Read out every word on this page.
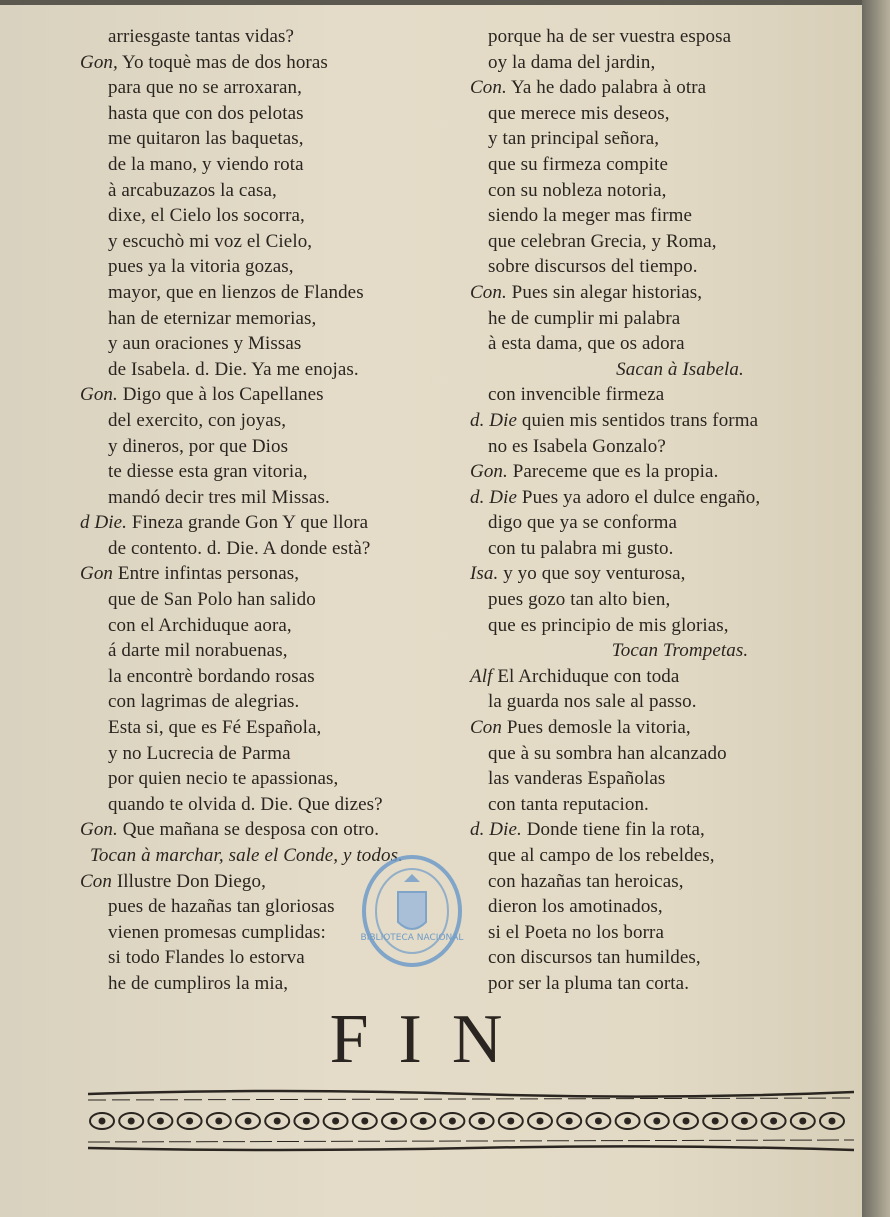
arriesgaste tantas vidas?
Gon, Yo toquè mas de dos horas
para que no se arroxaran,
hasta que con dos pelotas
me quitaron las baquetas,
de la mano, y viendo rota
à arcabuzazos la casa,
dixe, el Cielo los socorra,
y escuchò mi voz el Cielo,
pues ya la vitoria gozas,
mayor, que en lienzos de Flandes
han de eternizar memorias,
y aun oraciones y Missas
de Isabela. d. Die. Ya me enojas.
Gon. Digo que à los Capellanes
del exercito, con joyas,
y dineros, por que Dios
te diesse esta gran vitoria,
mandó decir tres mil Missas.
d Die. Fineza grande Gon Y que llora
de contento. d. Die. A donde està?
Gon Entre infintas personas,
que de San Polo han salido
con el Archiduque aora,
á darte mil norabuenas,
la encontrè bordando rosas
con lagrimas de alegrias.
Esta si, que es Fé Española,
y no Lucrecia de Parma
por quien necio te apassionas,
quando te olvida d. Die. Que dizes?
Gon. Que mañana se desposa con otro.
Tocan à marchar, sale el Conde, y todos.
Con Illustre Don Diego,
pues de hazañas tan gloriosas
vienen promesas cumplidas:
si todo Flandes lo estorva
he de cumpliros la mia,
porque ha de ser vuestra esposa
oy la dama del jardin,
Con. Ya he dado palabra à otra
que merece mis deseos,
y tan principal señora,
que su firmeza compite
con su nobleza notoria,
siendo la meger mas firme
que celebran Grecia, y Roma,
sobre discursos del tiempo.
Con. Pues sin alegar historias,
he de cumplir mi palabra
à esta dama, que os adora
Sacan à Isabela.
con invencible firmeza
d. Die quien mis sentidos trans forma
no es Isabela Gonzalo?
Gon. Pareceme que es la propia.
d. Die Pues ya adoro el dulce engaño,
digo que ya se conforma
con tu palabra mi gusto.
Isa. y yo que soy venturosa,
pues gozo tan alto bien,
que es principio de mis glorias,
Tocan Trompetas.
Alf El Archiduque con toda
la guarda nos sale al passo.
Con Pues demosle la vitoria,
que à su sombra han alcanzado
las vanderas Españolas
con tanta reputacion.
d. Die. Donde tiene fin la rota,
que al campo de los rebeldes,
con hazañas tan heroicas,
dieron los amotinados,
si el Poeta no los borra
con discursos tan humildes,
por ser la pluma tan corta.
BIBLIOTECA NACIONAL
FIN
